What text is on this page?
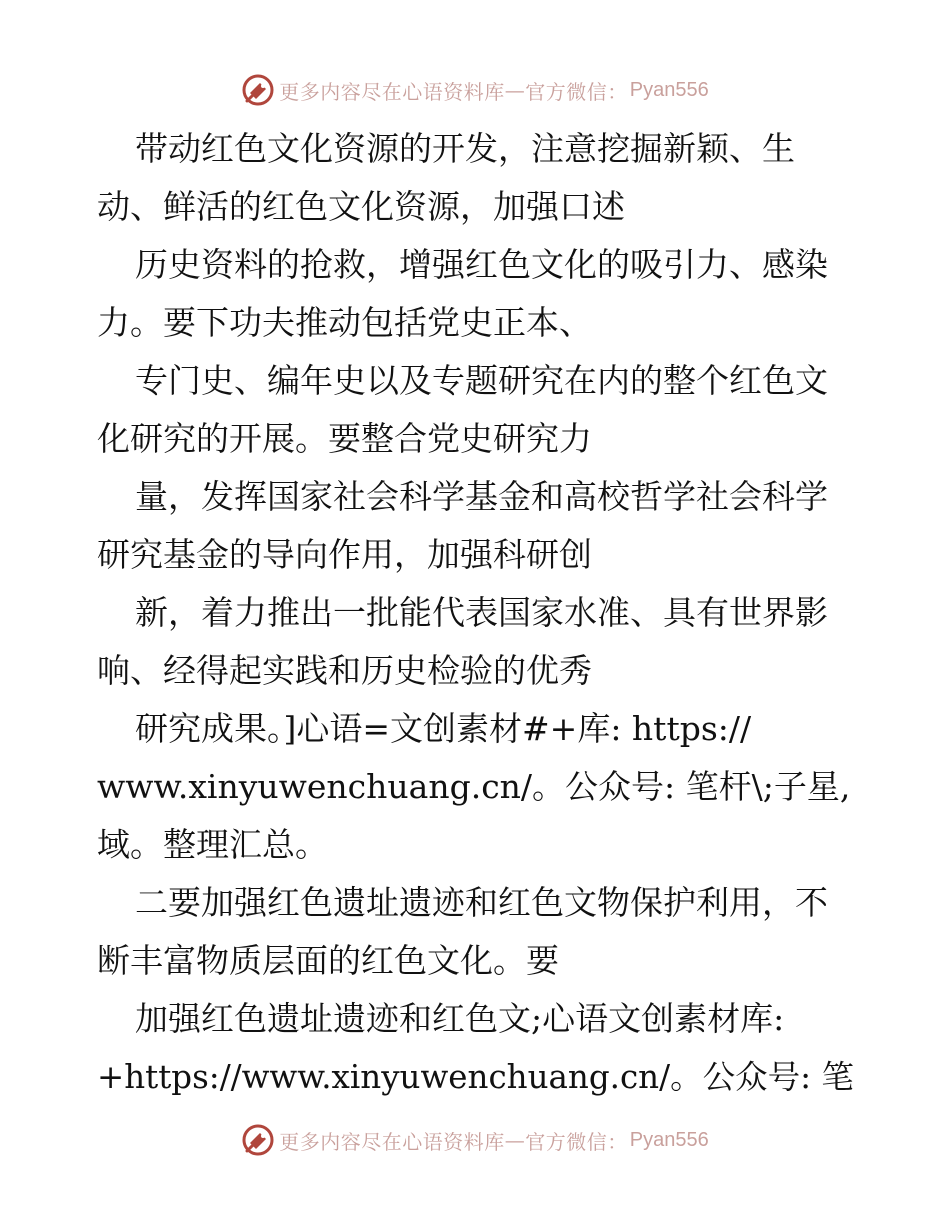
更多内容尽在心语资料库 — 官方微信： Pyan556
带动红色文化资源的开发，注意挖掘新颖、生
动、鲜活的红色文化资源，加强口述
历史资料的抢救，增强红色文化的吸引力、感染
力。要下功夫推动包括党史正本、
专门史、编年史以及专题研究在内的整个红色文
化研究的开展。要整合党史研究力
量，发挥国家社会科学基金和高校哲学社会科学
研究基金的导向作用，加强科研创
新，着力推出一批能代表国家水准、具有世界影
响、经得起实践和历史检验的优秀
研究成果。]心语=文创素材#+库: https://
www.xinyuwenchuang.cn/。公众号: 笔杆\;子星,
域。整理汇总。
二要加强红色遗址遗迹和红色文物保护利用，不
断丰富物质层面的红色文化。要
加强红色遗址遗迹和红色文;心语文创素材库:
+https://www.xinyuwenchuang.cn/。公众号: 笔
更多内容尽在心语资料库 — 官方微信： Pyan556
